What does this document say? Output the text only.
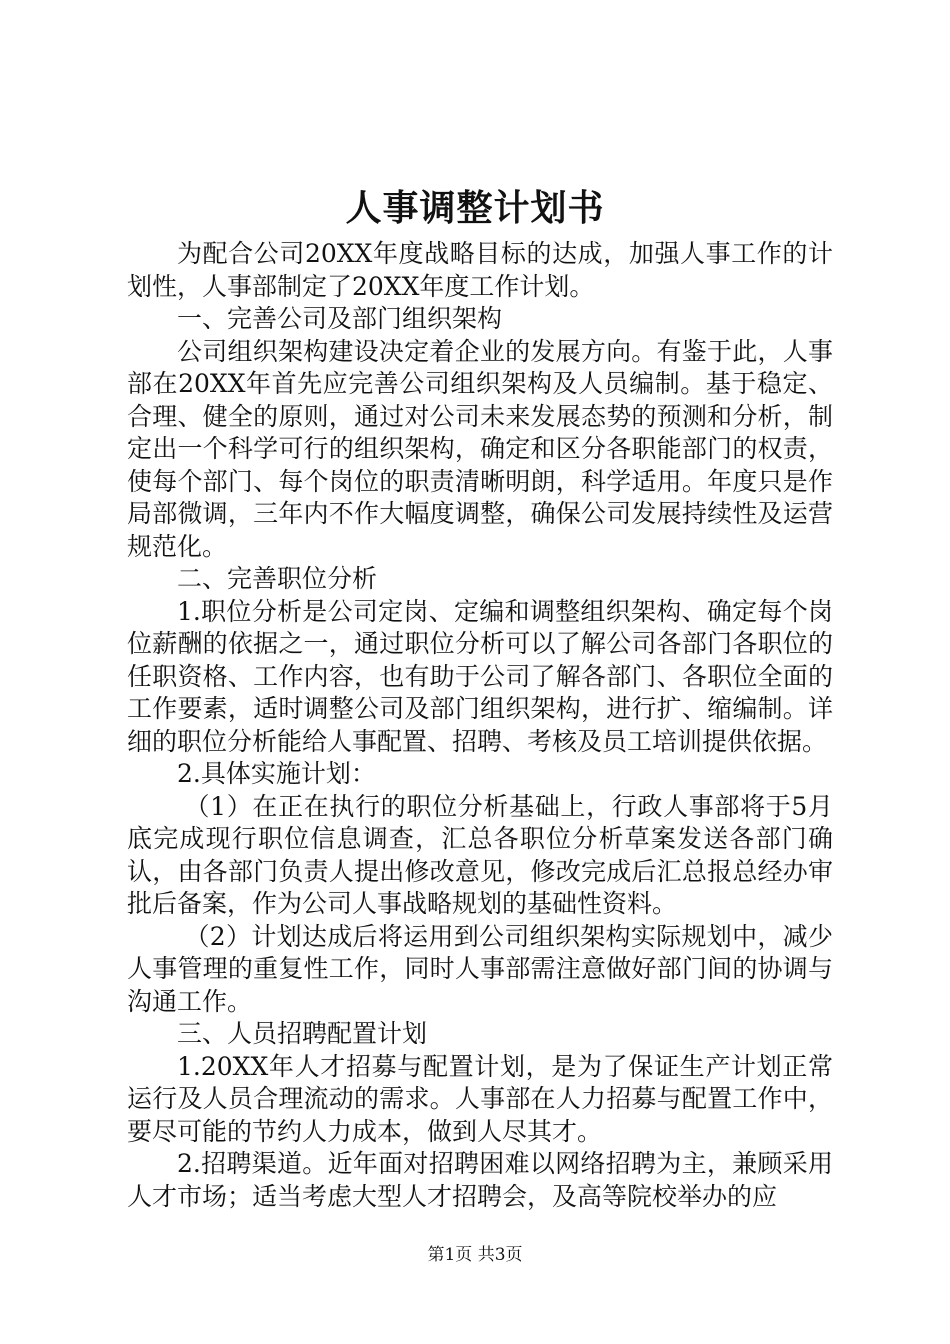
人事调整计划书

为配合公司20XX年度战略目标的达成，加强人事工作的计划性，人事部制定了20XX年度工作计划。

一、完善公司及部门组织架构

公司组织架构建设决定着企业的发展方向。有鉴于此，人事部在20XX年首先应完善公司组织架构及人员编制。基于稳定、合理、健全的原则，通过对公司未来发展态势的预测和分析，制定出一个科学可行的组织架构，确定和区分各职能部门的权责，使每个部门、每个岗位的职责清晰明朗，科学适用。年度只是作局部微调，三年内不作大幅度调整，确保公司发展持续性及运营规范化。

二、完善职位分析

1.职位分析是公司定岗、定编和调整组织架构、确定每个岗位薪酬的依据之一，通过职位分析可以了解公司各部门各职位的任职资格、工作内容，也有助于公司了解各部门、各职位全面的工作要素，适时调整公司及部门组织架构，进行扩、缩编制。详细的职位分析能给人事配置、招聘、考核及员工培训提供依据。

2.具体实施计划：

（1）在正在执行的职位分析基础上，行政人事部将于5月底完成现行职位信息调查，汇总各职位分析草案发送各部门确认，由各部门负责人提出修改意见，修改完成后汇总报总经办审批后备案，作为公司人事战略规划的基础性资料。

（2）计划达成后将运用到公司组织架构实际规划中，减少人事管理的重复性工作，同时人事部需注意做好部门间的协调与沟通工作。

三、人员招聘配置计划

1.20XX年人才招募与配置计划，是为了保证生产计划正常运行及人员合理流动的需求。人事部在人力招募与配置工作中，要尽可能的节约人力成本，做到人尽其才。

2.招聘渠道。近年面对招聘困难以网络招聘为主，兼顾采用人才市场；适当考虑大型人才招聘会，及高等院校举办的应

第1页 共3页
